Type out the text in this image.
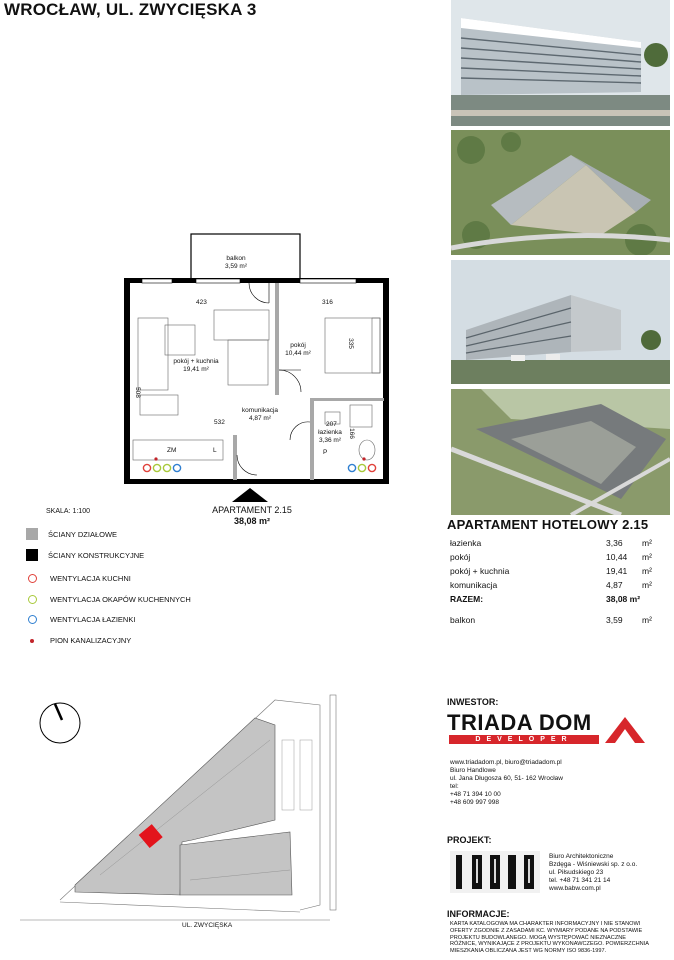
WROCŁAW, UL. ZWYCIĘSKA 3
balkon
3,59 m²
pokój + kuchnia
19,41 m²
pokój
10,44 m²
komunikacja
4,87 m²
łazienka
3,36 m²
423	316
335
508
532	207
166
ZM	L	P
APARTAMENT 2.15
38,08 m²
SKALA: 1:100
ŚCIANY DZIAŁOWE
ŚCIANY KONSTRUKCYJNE
WENTYLACJA KUCHNI
WENTYLACJA OKAPÓW KUCHENNYCH
WENTYLACJA ŁAZIENKI
PION KANALIZACYJNY
APARTAMENT HOTELOWY 2.15
łazienka	3,36 m²
pokój	10,44 m²
pokój + kuchnia	19,41 m²
komunikacja	4,87 m²
RAZEM:	38,08 m²
balkon	3,59 m²
UL. ZWYCIĘSKA
INWESTOR:
TRIADA DOM
DEVELOPER
www.triadadom.pl, biuro@triadadom.pl
Biuro Handlowe
ul. Jana Długosza 60, 51- 162 Wrocław
tel:
+48 71 394 10 00
+48 609 997 998
PROJEKT:
Biuro Architektoniczne
Bzdęga - Wiśniewski sp. z o.o.
ul. Piłsudskiego 23
tel. +48 71 341 21 14
www.babw.com.pl
INFORMACJE:
KARTA KATALOGOWA MA CHARAKTER INFORMACYJNY I NIE STANOWI
OFERTY ZGODNIE Z ZASADAMI KC. WYMIARY PODANE NA PODSTAWIE
PROJEKTU BUDOWLANEGO. MOGĄ WYSTĘPOWAĆ NIEZNACZNE
RÓŻNICE, WYNIKAJĄCE Z PROJEKTU WYKONAWCZEGO. POWIERZCHNIA
MIESZKANIA OBLICZANA JEST WG NORMY ISO 9836-1997.
